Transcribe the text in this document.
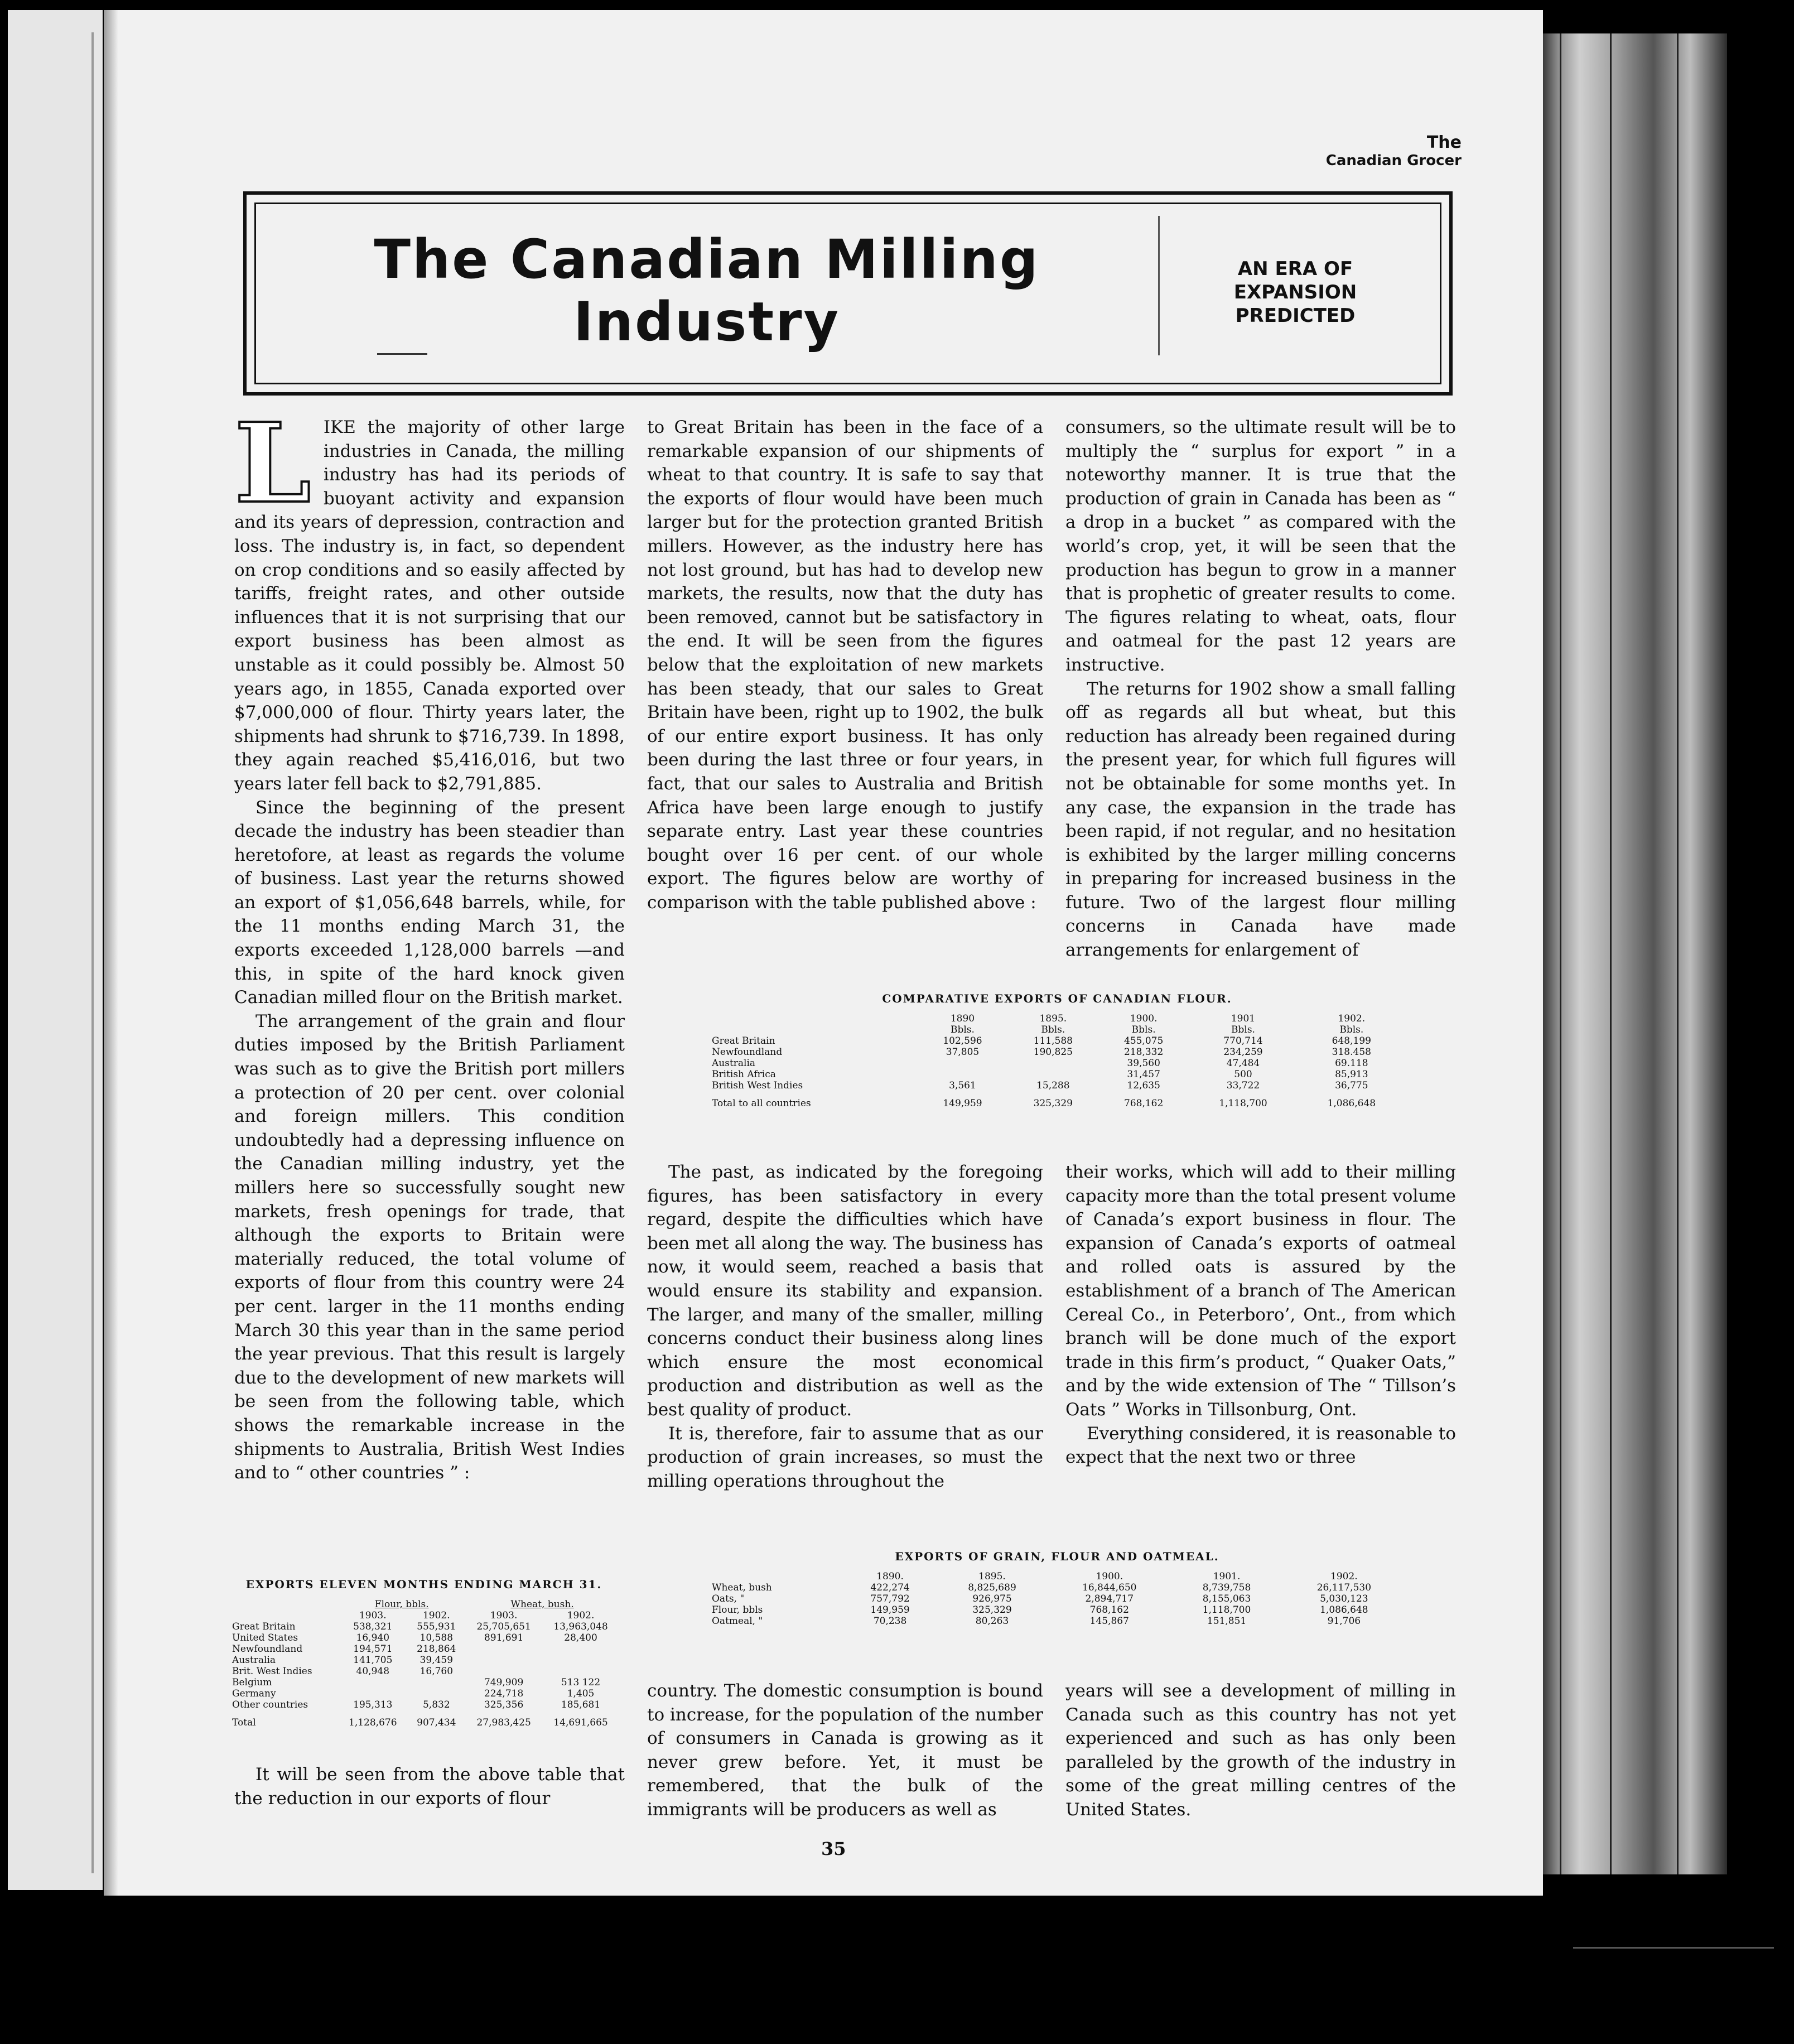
The
Canadian Grocer
The Canadian Milling
Industry
AN ERA OF
EXPANSION
PREDICTED

LIKE the majority of other large industries in Canada, the milling industry has had its periods of buoyant activity and expansion and its years of depression, contraction and loss. The industry is, in fact, so dependent on crop conditions and so easily affected by tariffs, freight rates, and other outside influences that it is not surprising that our export business has been almost as unstable as it could possibly be. Almost 50 years ago, in 1855, Canada exported over $7,000,000 of flour. Thirty years later, the shipments had shrunk to $716,739. In 1898, they again reached $5,416,016, but two years later fell back to $2,791,885.

Since the beginning of the present decade the industry has been steadier than heretofore, at least as regards the volume of business. Last year the returns showed an export of $1,056,648 barrels, while, for the 11 months ending March 31, the exports exceeded 1,128,000 barrels —and this, in spite of the hard knock given Canadian milled flour on the British market.

The arrangement of the grain and flour duties imposed by the British Parliament was such as to give the British port millers a protection of 20 per cent. over colonial and foreign millers. This condition undoubtedly had a depressing influence on the Canadian milling industry, yet the millers here so successfully sought new markets, fresh openings for trade, that although the exports to Britain were materially reduced, the total volume of exports of flour from this country were 24 per cent. larger in the 11 months ending March 30 this year than in the same period the year previous. That this result is largely due to the development of new markets will be seen from the following table, which shows the remarkable increase in the shipments to Australia, British West Indies and to “ other countries ” :

EXPORTS ELEVEN MONTHS ENDING MARCH 31.
	Flour, bbls.		Wheat, bush.	
	1903.	1902.	1903.	1902.
Great Britain	538,321	555,931	25,705,651	13,963,048
United States	16,940	10,588	891,691	28,400
Newfoundland	194,571	218,864		
Australia	141,705	39,459		
Brit. West Indies	40,948	16,760		
Belgium			749,909	513 122
Germany			224,718	1,405
Other countries	195,313	5,832	325,356	185,681
Total	1,128,676	907,434	27,983,425	14,691,665

It will be seen from the above table that the reduction in our exports of flour

to Great Britain has been in the face of a remarkable expansion of our shipments of wheat to that country. It is safe to say that the exports of flour would have been much larger but for the protection granted British millers. However, as the industry here has not lost ground, but has had to develop new markets, the results, now that the duty has been removed, cannot but be satisfactory in the end. It will be seen from the figures below that the exploitation of new markets has been steady, that our sales to Great Britain have been, right up to 1902, the bulk of our entire export business. It has only been during the last three or four years, in fact, that our sales to Australia and British Africa have been large enough to justify separate entry. Last year these countries bought over 16 per cent. of our whole export. The figures below are worthy of comparison with the table published above :

consumers, so the ultimate result will be to multiply the “ surplus for export ” in a noteworthy manner. It is true that the production of grain in Canada has been as “ a drop in a bucket ” as compared with the world’s crop, yet, it will be seen that the production has begun to grow in a manner that is prophetic of greater results to come. The figures relating to wheat, oats, flour and oatmeal for the past 12 years are instructive.

The returns for 1902 show a small falling off as regards all but wheat, but this reduction has already been regained during the present year, for which full figures will not be obtainable for some months yet. In any case, the expansion in the trade has been rapid, if not regular, and no hesitation is exhibited by the larger milling concerns in preparing for increased business in the future. Two of the largest flour milling concerns in Canada have made arrangements for enlargement of

COMPARATIVE EXPORTS OF CANADIAN FLOUR.
	1890	1895.	1900.	1901	1902.
	Bbls.	Bbls.	Bbls.	Bbls.	Bbls.
Great Britain	102,596	111,588	455,075	770,714	648,199
Newfoundland	37,805	190,825	218,332	234,259	318.458
Australia			39,560	47,484	69.118
British Africa			31,457	500	85,913
British West Indies	3,561	15,288	12,635	33,722	36,775
Total to all countries	149,959	325,329	768,162	1,118,700	1,086,648

The past, as indicated by the foregoing figures, has been satisfactory in every regard, despite the difficulties which have been met all along the way. The business has now, it would seem, reached a basis that would ensure its stability and expansion. The larger, and many of the smaller, milling concerns conduct their business along lines which ensure the most economical production and distribution as well as the best quality of product.

It is, therefore, fair to assume that as our production of grain increases, so must the milling operations throughout the

their works, which will add to their milling capacity more than the total present volume of Canada’s export business in flour. The expansion of Canada’s exports of oatmeal and rolled oats is assured by the establishment of a branch of The American Cereal Co., in Peterboro’, Ont., from which branch will be done much of the export trade in this firm’s product, “ Quaker Oats,” and by the wide extension of The “ Tillson’s Oats ” Works in Tillsonburg, Ont.

Everything considered, it is reasonable to expect that the next two or three

EXPORTS OF GRAIN, FLOUR AND OATMEAL.
	1890.	1895.	1900.	1901.	1902.
Wheat, bush	422,274	8,825,689	16,844,650	8,739,758	26,117,530
Oats, "	757,792	926,975	2,894,717	8,155,063	5,030,123
Flour, bbls	149,959	325,329	768,162	1,118,700	1,086,648
Oatmeal, "	70,238	80,263	145,867	151,851	91,706

country. The domestic consumption is bound to increase, for the population of the number of consumers in Canada is growing as it never grew before. Yet, it must be remembered, that the bulk of the immigrants will be producers as well as

years will see a development of milling in Canada such as this country has not yet experienced and such as has only been paralleled by the growth of the industry in some of the great milling centres of the United States.

35
